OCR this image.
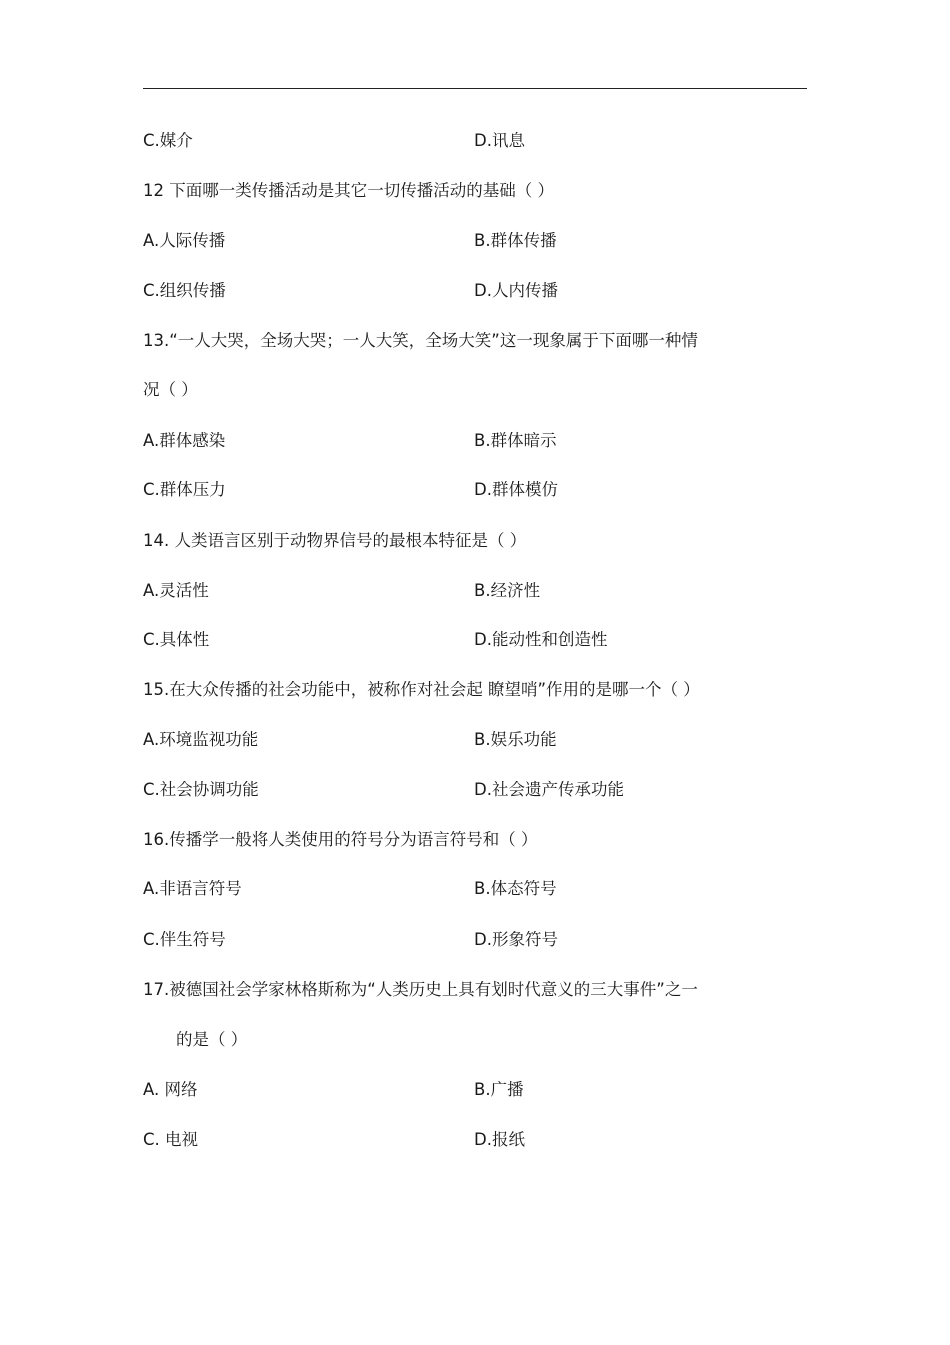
C.媒介	D.讯息
12 下面哪一类传播活动是其它一切传播活动的基础（ ）
A.人际传播	B.群体传播
C.组织传播	D.人内传播
13.“一人大哭，全场大哭；一人大笑，全场大笑”这一现象属于下面哪一种情
况（ ）
A.群体感染	B.群体暗示
C.群体压力	D.群体模仿
14. 人类语言区别于动物界信号的最根本特征是（ ）
A.灵活性	B.经济性
C.具体性	D.能动性和创造性
15.在大众传播的社会功能中，被称作对社会起 瞭望哨”作用的是哪一个（ ）
A.环境监视功能	B.娱乐功能
C.社会协调功能	D.社会遗产传承功能
16.传播学一般将人类使用的符号分为语言符号和（ ）
A.非语言符号	B.体态符号
C.伴生符号	D.形象符号
17.被德国社会学家林格斯称为“人类历史上具有划时代意义的三大事件”之一
的是（ ）
A. 网络	B.广播
C. 电视	D.报纸
